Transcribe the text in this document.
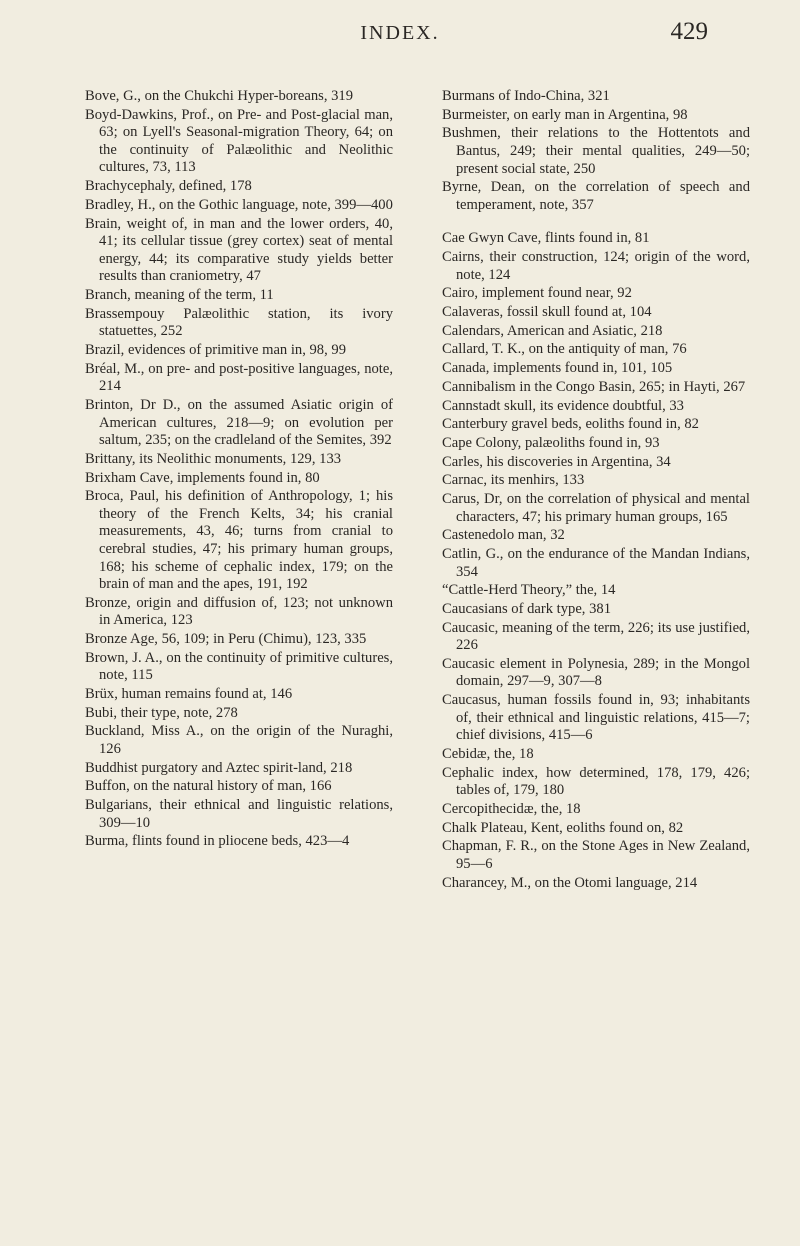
INDEX.	429

Bove, G., on the Chukchi Hyper-boreans, 319

Boyd-Dawkins, Prof., on Pre- and Post-glacial man, 63; on Lyell's Seasonal-migration Theory, 64; on the continuity of Palæolithic and Neolithic cultures, 73, 113

Brachycephaly, defined, 178

Bradley, H., on the Gothic language, note, 399—400

Brain, weight of, in man and the lower orders, 40, 41; its cellular tissue (grey cortex) seat of mental energy, 44; its comparative study yields better results than craniometry, 47

Branch, meaning of the term, 11

Brassempouy Palæolithic station, its ivory statuettes, 252

Brazil, evidences of primitive man in, 98, 99

Bréal, M., on pre- and post-positive languages, note, 214

Brinton, Dr D., on the assumed Asiatic origin of American cultures, 218—9; on evolution per saltum, 235; on the cradleland of the Semites, 392

Brittany, its Neolithic monuments, 129, 133

Brixham Cave, implements found in, 80

Broca, Paul, his definition of Anthropology, 1; his theory of the French Kelts, 34; his cranial measurements, 43, 46; turns from cranial to cerebral studies, 47; his primary human groups, 168; his scheme of cephalic index, 179; on the brain of man and the apes, 191, 192

Bronze, origin and diffusion of, 123; not unknown in America, 123

Bronze Age, 56, 109; in Peru (Chimu), 123, 335

Brown, J. A., on the continuity of primitive cultures, note, 115

Brüx, human remains found at, 146

Bubi, their type, note, 278

Buckland, Miss A., on the origin of the Nuraghi, 126

Buddhist purgatory and Aztec spirit-land, 218

Buffon, on the natural history of man, 166

Bulgarians, their ethnical and linguistic relations, 309—10

Burma, flints found in pliocene beds, 423—4

Burmans of Indo-China, 321

Burmeister, on early man in Argentina, 98

Bushmen, their relations to the Hottentots and Bantus, 249; their mental qualities, 249—50; present social state, 250

Byrne, Dean, on the correlation of speech and temperament, note, 357

Cae Gwyn Cave, flints found in, 81

Cairns, their construction, 124; origin of the word, note, 124

Cairo, implement found near, 92

Calaveras, fossil skull found at, 104

Calendars, American and Asiatic, 218

Callard, T. K., on the antiquity of man, 76

Canada, implements found in, 101, 105

Cannibalism in the Congo Basin, 265; in Hayti, 267

Cannstadt skull, its evidence doubtful, 33

Canterbury gravel beds, eoliths found in, 82

Cape Colony, palæoliths found in, 93

Carles, his discoveries in Argentina, 34

Carnac, its menhirs, 133

Carus, Dr, on the correlation of physical and mental characters, 47; his primary human groups, 165

Castenedolo man, 32

Catlin, G., on the endurance of the Mandan Indians, 354

“Cattle-Herd Theory,” the, 14

Caucasians of dark type, 381

Caucasic, meaning of the term, 226; its use justified, 226

Caucasic element in Polynesia, 289; in the Mongol domain, 297—9, 307—8

Caucasus, human fossils found in, 93; inhabitants of, their ethnical and linguistic relations, 415—7; chief divisions, 415—6

Cebidæ, the, 18

Cephalic index, how determined, 178, 179, 426; tables of, 179, 180

Cercopithecidæ, the, 18

Chalk Plateau, Kent, eoliths found on, 82

Chapman, F. R., on the Stone Ages in New Zealand, 95—6

Charancey, M., on the Otomi language, 214
